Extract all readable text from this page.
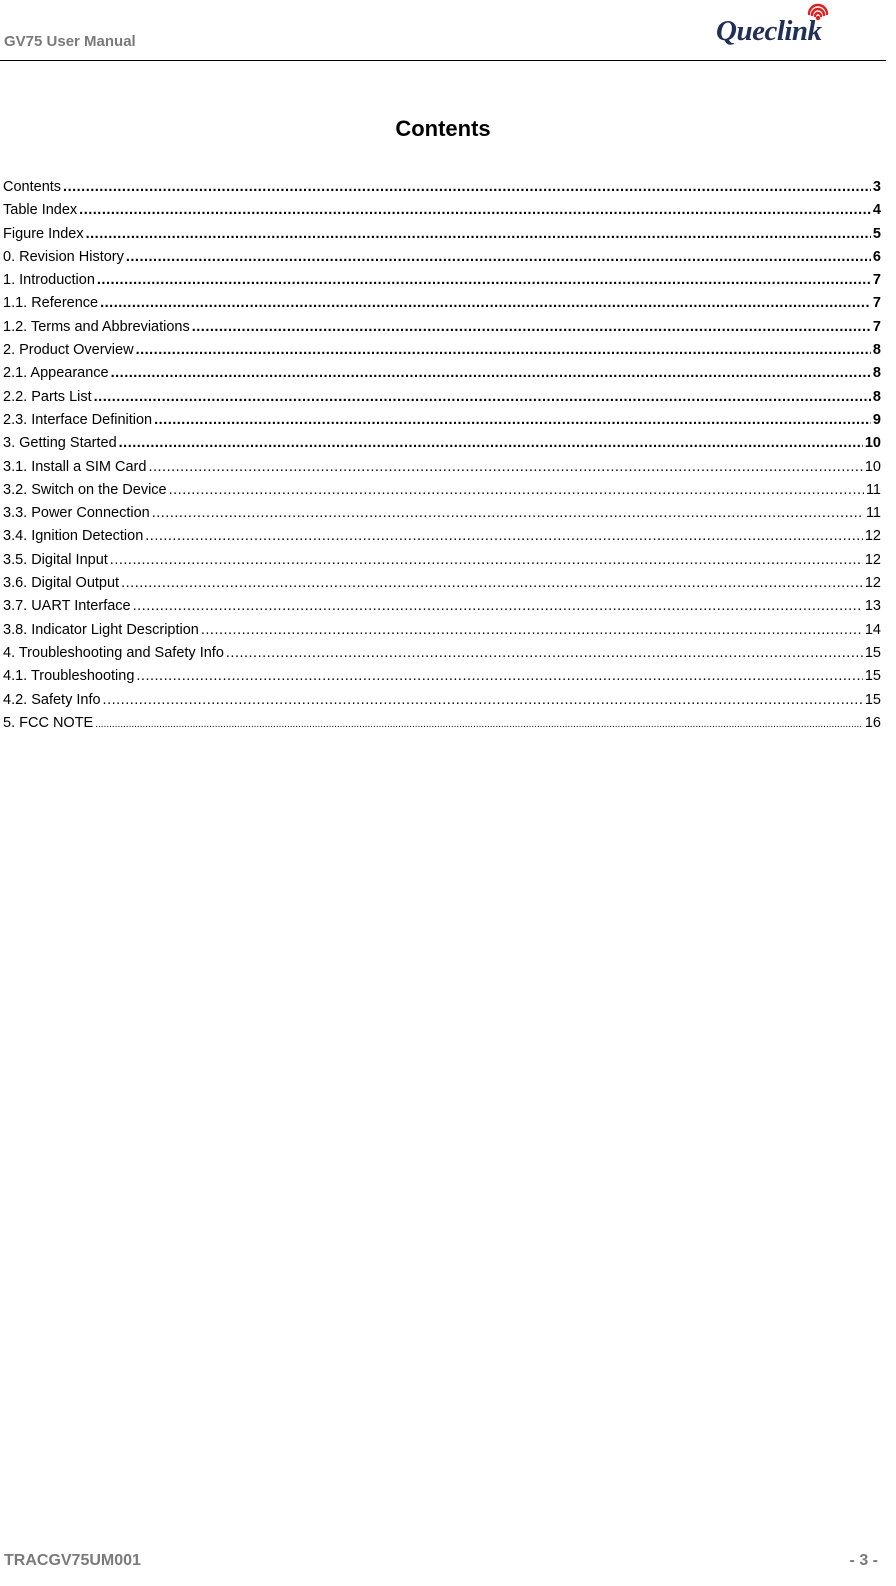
GV75 User Manual	Queclink
Contents
Contents .....	3
Table Index .....	4
Figure Index .....	5
0. Revision History .....	6
1. Introduction .....	7
1.1. Reference .....	7
1.2. Terms and Abbreviations .....	7
2. Product Overview .....	8
2.1. Appearance .....	8
2.2. Parts List .....	8
2.3. Interface Definition .....	9
3. Getting Started .....	10
3.1. Install a SIM Card .....	10
3.2. Switch on the Device .....	11
3.3. Power Connection .....	11
3.4. Ignition Detection .....	12
3.5. Digital Input .....	12
3.6. Digital Output .....	12
3.7. UART Interface .....	13
3.8. Indicator Light Description .....	14
4. Troubleshooting and Safety Info .....	15
4.1. Troubleshooting .....	15
4.2. Safety Info .....	15
5. FCC NOTE .....	16
TRACGV75UM001	- 3 -
